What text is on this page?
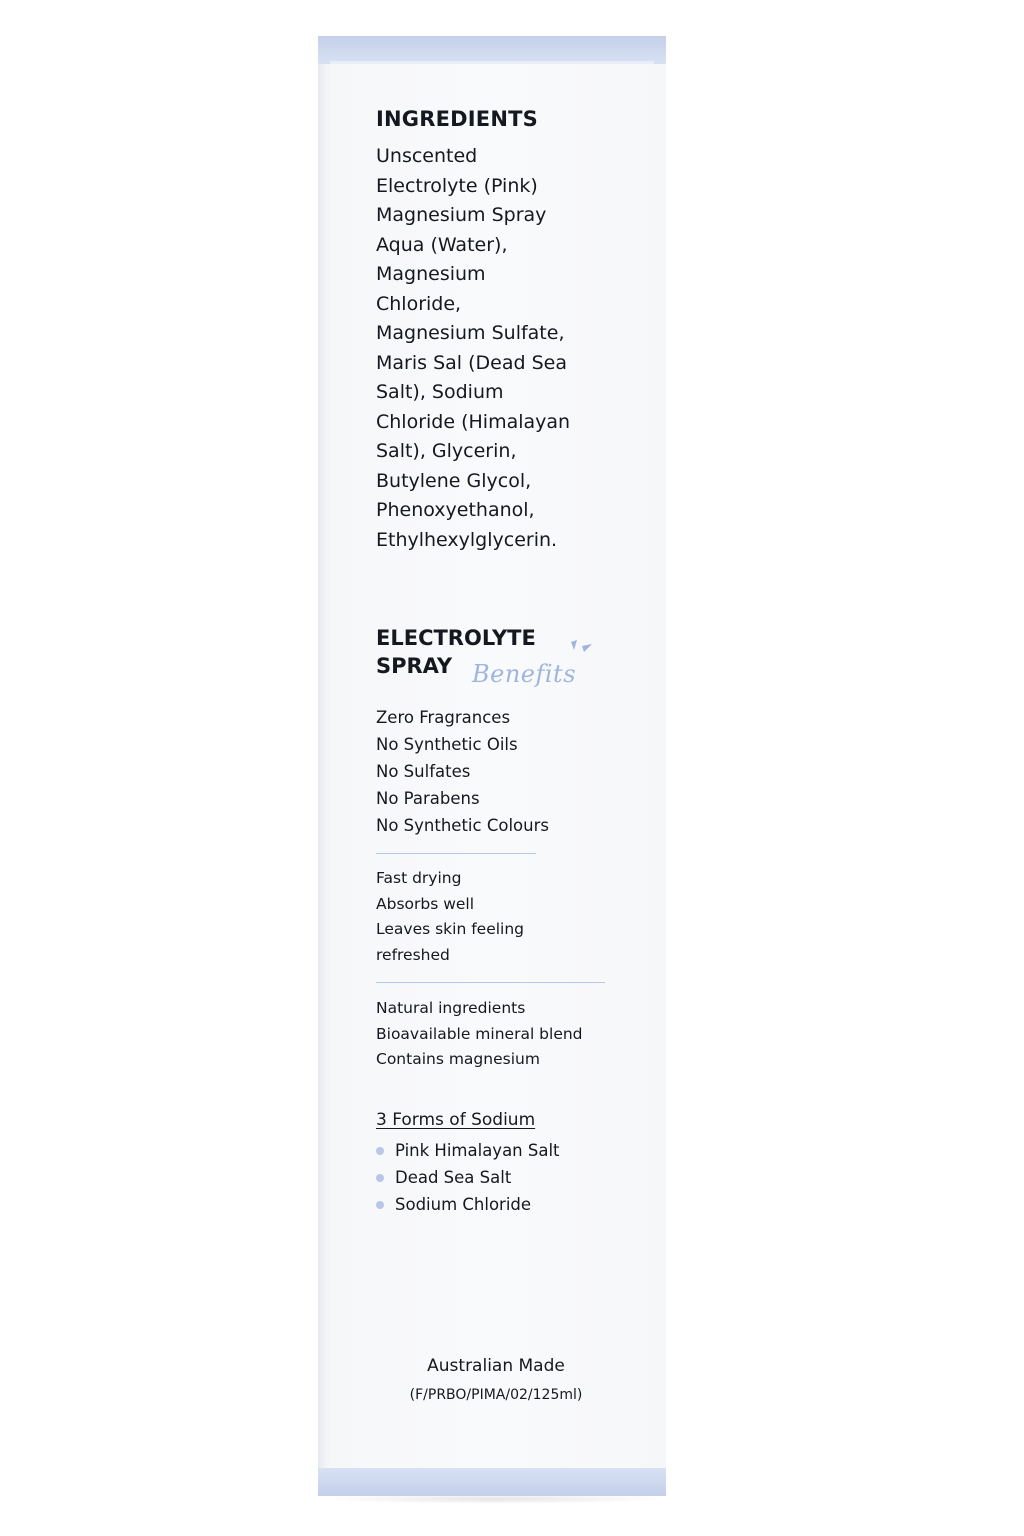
INGREDIENTS

Unscented
Electrolyte (Pink)
Magnesium Spray
Aqua (Water),
Magnesium
Chloride,
Magnesium Sulfate,
Maris Sal (Dead Sea
Salt), Sodium
Chloride (Himalayan
Salt), Glycerin,
Butylene Glycol,
Phenoxyethanol,
Ethylhexylglycerin.

ELECTROLYTE
SPRAY Benefits
Zero Fragrances
No Synthetic Oils
No Sulfates
No Parabens
No Synthetic Colours
Fast drying
Absorbs well
Leaves skin feeling
refreshed
Natural ingredients
Bioavailable mineral blend
Contains magnesium
3 Forms of Sodium
Pink Himalayan Salt
Dead Sea Salt
Sodium Chloride
Australian Made
(F/PRBO/PIMA/02/125ml)
